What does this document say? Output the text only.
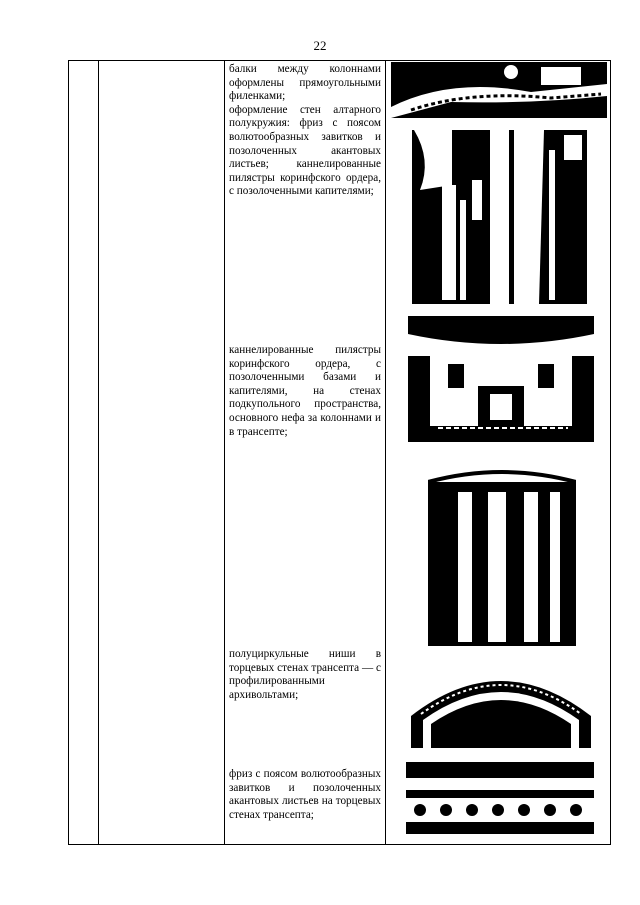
22
балки между колоннами оформлены прямоугольными филенками;
оформление стен алтарного полукружия: фриз с поясом волютообразных завитков и позолоченных акантовых листьев; каннелированные пилястры коринфского ордера, с позолоченными капителями;
каннелированные пилястры коринфского ордера, с позолоченными базами и капителями, на стенах подкупольного пространства, основного нефа за колоннами и в трансепте;
полуциркульные ниши в торцевых стенах трансепта — с профилированными архивольтами;
фриз с поясом волютообразных завитков и позолоченных акантовых листьев на торцевых стенах трансепта;
